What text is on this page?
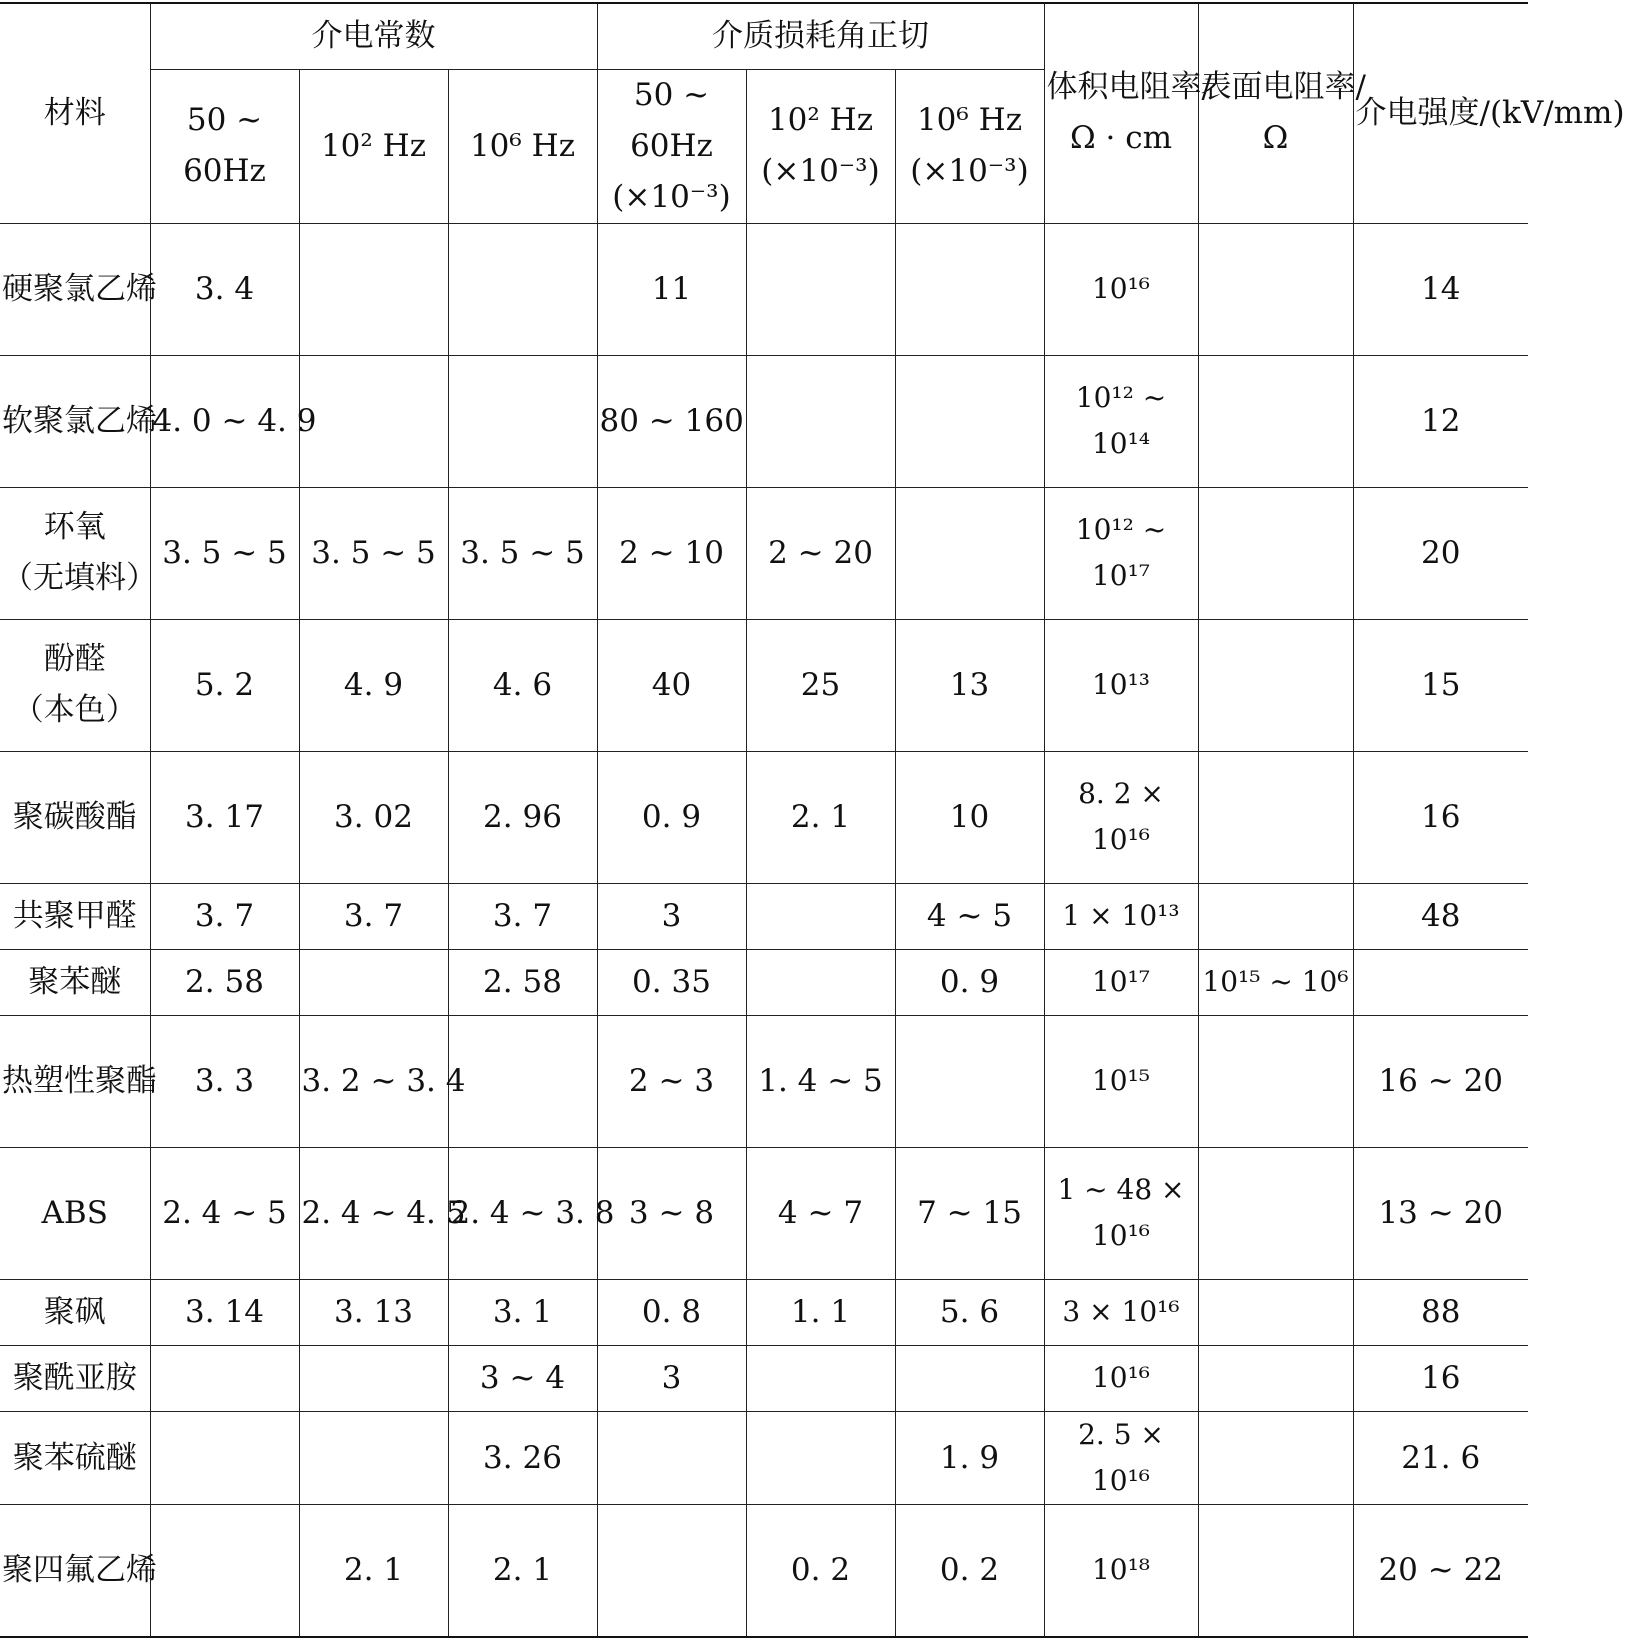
材料	介电常数			介质损耗角正切			体积电阻率/Ω · cm	表面电阻率/Ω	介电强度/(kV/mm)
	50 ~ 60Hz	10² Hz	10⁶ Hz	50 ~ 60Hz (×10⁻³)	10² Hz (×10⁻³)	10⁶ Hz (×10⁻³)			
硬聚氯乙烯	3. 4			11			10¹⁶		14
软聚氯乙烯	4. 0 ~ 4. 9			80 ~ 160			10¹² ~ 10¹⁴		12
环氧（无填料）	3. 5 ~ 5	3. 5 ~ 5	3. 5 ~ 5	2 ~ 10	2 ~ 20		10¹² ~ 10¹⁷		20
酚醛（本色）	5. 2	4. 9	4. 6	40	25	13	10¹³		15
聚碳酸酯	3. 17	3. 02	2. 96	0. 9	2. 1	10	8. 2 × 10¹⁶		16
共聚甲醛	3. 7	3. 7	3. 7	3		4 ~ 5	1 × 10¹³		48
聚苯醚	2. 58		2. 58	0. 35		0. 9	10¹⁷	10¹⁵ ~ 10⁶	
热塑性聚酯	3. 3	3. 2 ~ 3. 4		2 ~ 3	1. 4 ~ 5		10¹⁵		16 ~ 20
ABS	2. 4 ~ 5	2. 4 ~ 4. 5	2. 4 ~ 3. 8	3 ~ 8	4 ~ 7	7 ~ 15	1 ~ 48 × 10¹⁶		13 ~ 20
聚砜	3. 14	3. 13	3. 1	0. 8	1. 1	5. 6	3 × 10¹⁶		88
聚酰亚胺			3 ~ 4	3			10¹⁶		16
聚苯硫醚			3. 26			1. 9	2. 5 × 10¹⁶		21. 6
聚四氟乙烯		2. 1	2. 1		0. 2	0. 2	10¹⁸		20 ~ 22
